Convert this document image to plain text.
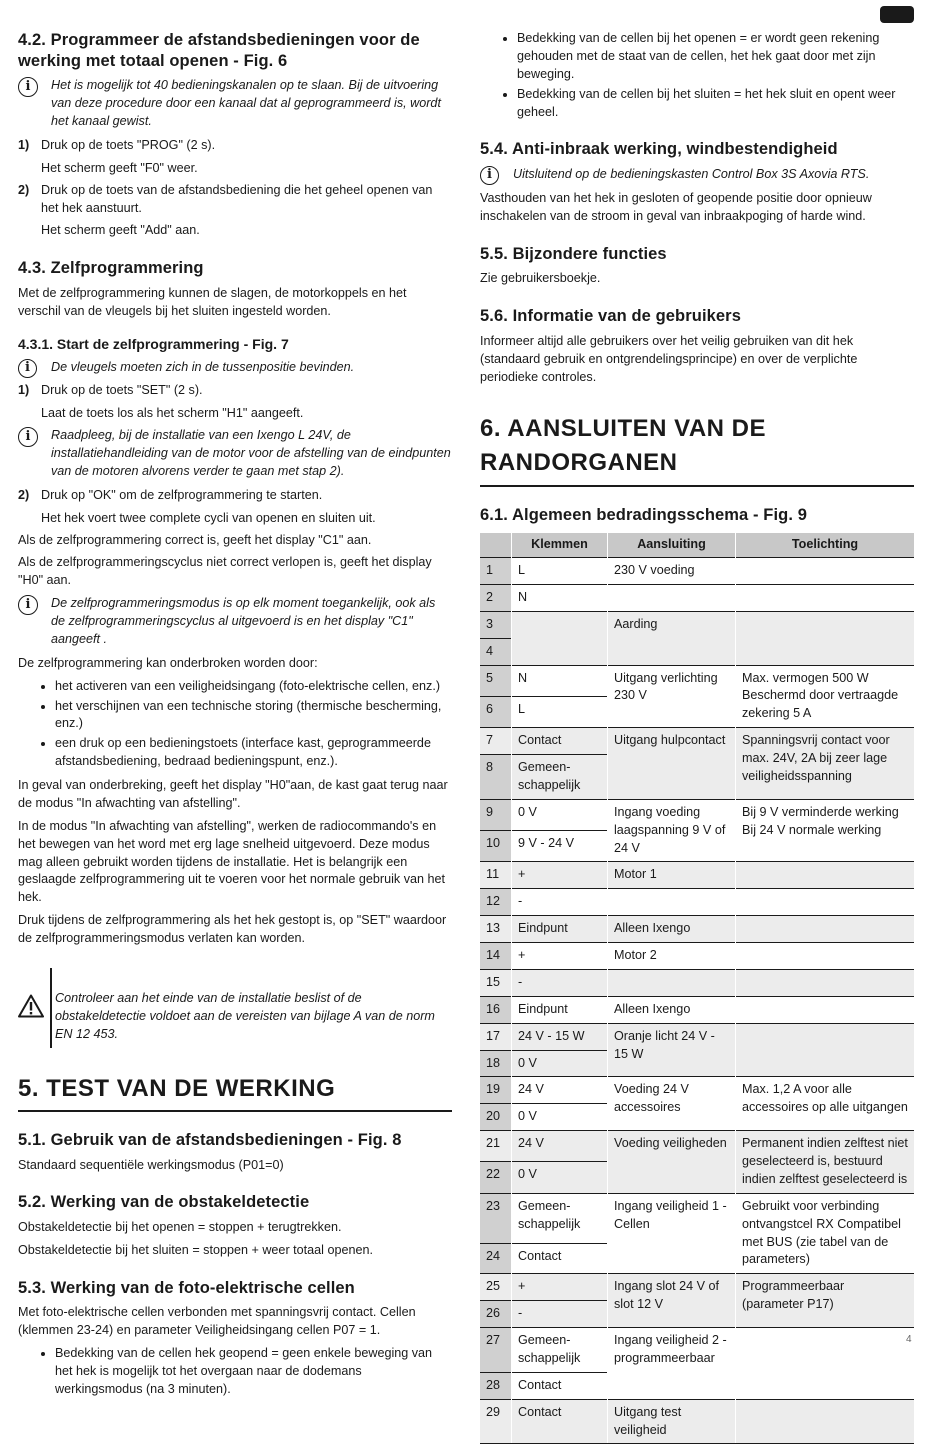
4.2. Programmeer de afstandsbedieningen voor de werking met totaal openen - Fig. 6
i	Het is mogelijk tot 40 bedieningskanalen op te slaan. Bij de uitvoering van deze procedure door een kanaal dat al geprogrammeerd is, wordt het kanaal gewist.
1) Druk op de toets "PROG" (2 s).
Het scherm geeft "F0" weer.
2) Druk op de toets van de afstandsbediening die het geheel openen van het hek aanstuurt.
Het scherm geeft "Add" aan.
4.3. Zelfprogrammering

Met de zelfprogrammering kunnen de slagen, de motorkoppels en het verschil van de vleugels bij het sluiten ingesteld worden.

4.3.1. Start de zelfprogrammering - Fig. 7
i	De vleugels moeten zich in de tussenpositie bevinden.
1) Druk op de toets "SET" (2 s).
Laat de toets los als het scherm "H1" aangeeft.
i	Raadpleeg, bij de installatie van een Ixengo L 24V, de installatiehandleiding van de motor voor de afstelling van de eindpunten van de motoren alvorens verder te gaan met stap 2).
2) Druk op "OK" om de zelfprogrammering te starten.
Het hek voert twee complete cycli van openen en sluiten uit.

Als de zelfprogrammering correct is, geeft het display "C1" aan.

Als de zelfprogrammeringscyclus niet correct verlopen is, geeft het display "H0" aan.

i	De zelfprogrammeringsmodus is op elk moment toegankelijk, ook als de zelfprogrammeringscyclus al uitgevoerd is en het display "C1" aangeeft .

De zelfprogrammering kan onderbroken worden door:

• het activeren van een veiligheidsingang (foto-elektrische cellen, enz.)
• het verschijnen van een technische storing (thermische bescherming, enz.)
• een druk op een bedieningstoets (interface kast, geprogrammeerde afstandsbediening, bedraad bedieningspunt, enz.).

In geval van onderbreking, geeft het display "H0"aan, de kast gaat terug naar de modus "In afwachting van afstelling".

In de modus "In afwachting van afstelling", werken de radiocommando's en het bewegen van het word met erg lage snelheid uitgevoerd. Deze modus mag alleen gebruikt worden tijdens de installatie. Het is belangrijk een geslaagde zelfprogrammering uit te voeren voor het normale gebruik van het hek.

Druk tijdens de zelfprogrammering als het hek gestopt is, op "SET" waardoor de zelfprogrammeringsmodus verlaten kan worden.

Controleer aan het einde van de installatie beslist of de obstakeldetectie voldoet aan de vereisten van bijlage A van de norm EN 12 453.
5. TEST VAN DE WERKING
5.1. Gebruik van de afstandsbedieningen - Fig. 8

Standaard sequentiële werkingsmodus (P01=0)

5.2. Werking van de obstakeldetectie

Obstakeldetectie bij het openen = stoppen + terugtrekken.

Obstakeldetectie bij het sluiten = stoppen + weer totaal openen.

5.3. Werking van de foto-elektrische cellen

Met foto-elektrische cellen verbonden met spanningsvrij contact. Cellen (klemmen 23-24) en parameter Veiligheidsingang cellen P07 = 1.

• Bedekking van de cellen hek geopend = geen enkele beweging van het hek is mogelijk tot het overgaan naar de dodemans werkingsmodus (na 3 minuten).
• Bedekking van de cellen bij het openen = er wordt geen rekening gehouden met de staat van de cellen, het hek gaat door met zijn beweging.
• Bedekking van de cellen bij het sluiten = het hek sluit en opent weer geheel.
5.4. Anti-inbraak werking, windbestendigheid
i	Uitsluitend op de bedieningskasten Control Box 3S Axovia RTS.

Vasthouden van het hek in gesloten of geopende positie door opnieuw inschakelen van de stroom in geval van inbraakpoging of harde wind.

5.5. Bijzondere functies

Zie gebruikersboekje.

5.6. Informatie van de gebruikers

Informeer altijd alle gebruikers over het veilig gebruiken van dit hek (standaard gebruik en ontgrendelingsprincipe) en over de verplichte periodieke controles.

6. AANSLUITEN VAN DE RANDORGANEN
6.1. Algemeen bedradingsschema - Fig. 9
	Klemmen	Aansluiting	Toelichting
1	L	230 V voeding	
2	N		
3		Aarding	
4			
5	N	Uitgang verlichting 230 V	Max. vermogen 500 W Beschermd door vertraagde zekering 5 A
6	L		
7	Contact	Uitgang hulpcontact	Spanningsvrij contact voor max. 24V, 2A bij zeer lage veiligheidsspanning
8	Gemeen-schappelijk		
9	0 V	Ingang voeding laagspanning 9 V of 24 V	Bij 9 V verminderde werking Bij 24 V normale werking
10	9 V - 24 V		
11	+	Motor 1	
12	-		
13	Eindpunt	Alleen Ixengo	
14	+	Motor 2	
15	-		
16	Eindpunt	Alleen Ixengo	
17	24 V - 15 W	Oranje licht 24 V - 15 W	
18	0 V		
19	24 V	Voeding 24 V accessoires	Max. 1,2 A voor alle accessoires op alle uitgangen
20	0 V		
21	24 V	Voeding veiligheden	Permanent indien zelftest niet geselecteerd is, bestuurd indien zelftest geselecteerd is
22	0 V		
23	Gemeen-schappelijk	Ingang veiligheid 1 - Cellen	Gebruikt voor verbinding ontvangstcel RX Compatibel met BUS (zie tabel van de parameters)
24	Contact		
25	+	Ingang slot 24 V of slot 12 V	Programmeerbaar (parameter P17)
26	-		
27	Gemeen-schappelijk	Ingang veiligheid 2 - programmeerbaar	
28	Contact		
29	Contact	Uitgang test veiligheid	
4
